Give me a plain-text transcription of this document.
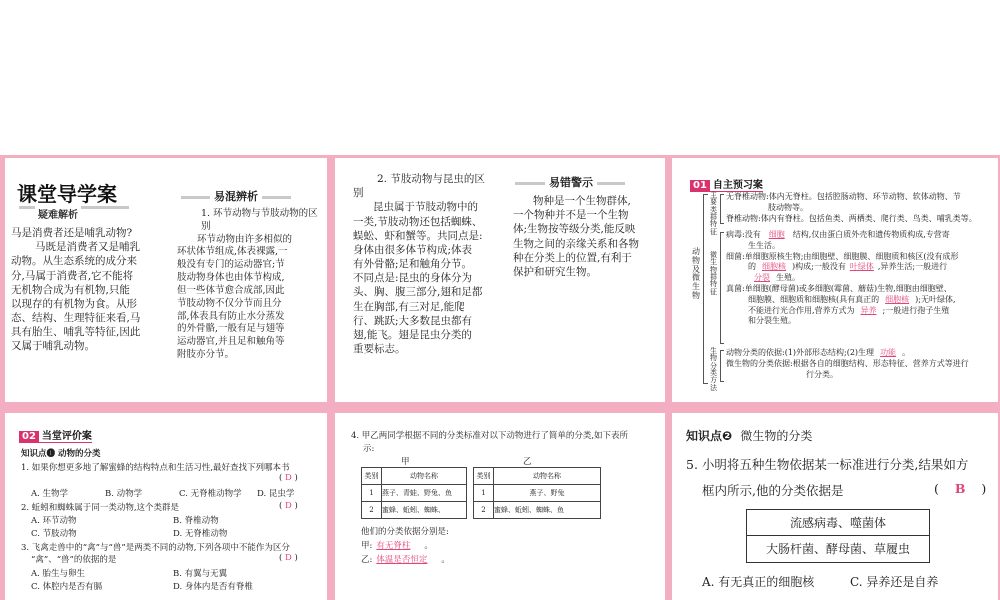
课堂导学案
疑难解析
马是消费者还是哺乳动物?
马既是消费者又是哺乳
动物。从生态系统的成分来
分,马属于消费者,它不能将
无机物合成为有机物,只能
以现存的有机物为食。从形
态、结构、生理特征来看,马
具有胎生、哺乳等特征,因此
又属于哺乳动物。
易混辨析
1. 环节动物与节肢动物的区别
环节动物由许多相似的
环状体节组成,体表裸露,一
般没有专门的运动器官;节
肢动物身体也由体节构成,
但一些体节愈合成部,因此
节肢动物不仅分节而且分
部,体表具有防止水分蒸发
的外骨骼,一般有足与翅等
运动器官,并且足和触角等
附肢亦分节。
2. 节肢动物与昆虫的区
别
昆虫属于节肢动物中的
一类,节肢动物还包括蜘蛛、
蜈蚣、虾和蟹等。共同点是:
身体由很多体节构成;体表
有外骨骼;足和触角分节。
不同点是:昆虫的身体分为
头、胸、腹三部分,翅和足都
生在胸部,有三对足,能爬
行、跳跃;大多数昆虫都有
翅,能飞。翅是昆虫分类的
重要标志。
易错警示
物种是一个生物群体,
一个物种并不是一个生物
体;生物按等级分类,能反映
生物之间的亲缘关系和各物
种在分类上的位置,有利于
保护和研究生物。
01 自主预习案
动物及微生物
主要类群特征
无脊椎动物:体内无脊柱。包括腔肠动物、环节动物、软体动物、节
肢动物等。
脊椎动物:体内有脊柱。包括鱼类、两栖类、爬行类、鸟类、哺乳类等。
微生物群特征
病毒:没有 细胞 结构,仅由蛋白质外壳和遗传物质构成,专营寄
生生活。
细菌:单细胞原核生物;由细胞壁、细胞膜、细胞质和核区(没有成形
的 细胞核 )构成;一般没有 叶绿体 ,异养生活;一般进行
分裂 生殖。
真菌:单细胞(酵母菌)或多细胞(霉菌、蘑菇)生物,细胞由细胞壁、
细胞膜、细胞质和细胞核(具有真正的 细胞核 );无叶绿体,
不能进行光合作用,营养方式为 异养 ;一般进行孢子生殖
和分裂生殖。
生物分类方法
动物分类的依据:(1)外部形态结构;(2)生理 功能 。
微生物的分类依据:根据各自的细胞结构、形态特征、营养方式等进行
行分类。
02 当堂评价案
知识点❶ 动物的分类
1. 如果你想更多地了解蜜蜂的结构特点和生活习性,最好查找下列哪本书
( D )
A. 生物学	B. 动物学	C. 无脊椎动物学 D. 昆虫学
2. 蚯蚓和蜘蛛属于同一类动物,这个类群是	( D )
A. 环节动物	B. 脊椎动物
C. 节肢动物	D. 无脊椎动物
3. 飞禽走兽中的“禽”与“兽”是两类不同的动物,下列各项中不能作为区分
“禽”、“兽”的依据的是	( D )
A. 胎生与卵生	B. 有翼与无翼
C. 体腔内是否有膈	D. 身体内是否有脊椎
4. 甲乙两同学根据不同的分类标准对以下动物进行了简单的分类,如下表所
示:
甲	乙
类别	动物名称
1	燕子、青蛙、野兔、鱼
2	蜜蜂、蚯蚓、蜘蛛、
类别	动物名称
1	燕子、野兔
2	蜜蜂、蚯蚓、蜘蛛、鱼
他们的分类依据分别是:
甲: 有无脊柱 。
乙: 体温是否恒定 。
知识点❷ 微生物的分类
5. 小明将五种生物依据某一标准进行分类,结果如方
框内所示,他的分类依据是	( B )
流感病毒、噬菌体
大肠杆菌、酵母菌、草履虫
A. 有无真正的细胞核	C. 异养还是自养
